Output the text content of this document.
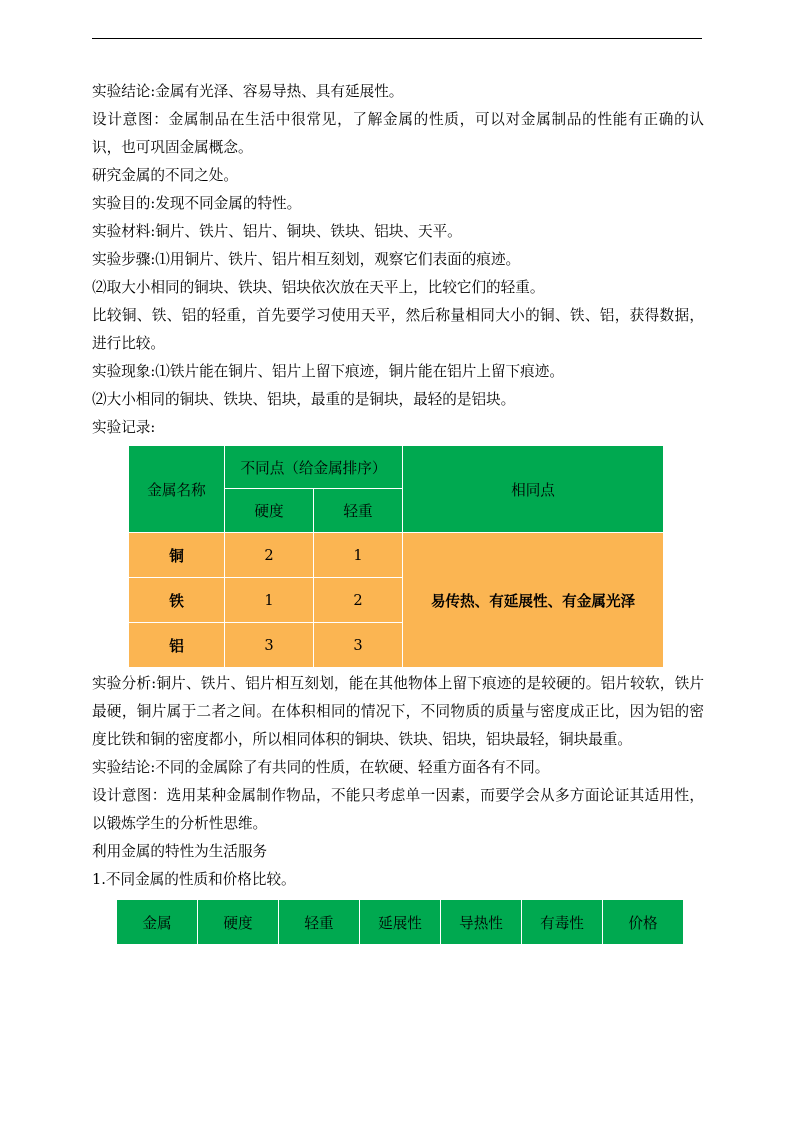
实验结论:金属有光泽、容易导热、具有延展性。

设计意图：金属制品在生活中很常见，了解金属的性质，可以对金属制品的性能有正确的认识，也可巩固金属概念。

研究金属的不同之处。

实验目的:发现不同金属的特性。

实验材料:铜片、铁片、铝片、铜块、铁块、铝块、天平。

实验步骤:⑴用铜片、铁片、铝片相互刻划，观察它们表面的痕迹。

⑵取大小相同的铜块、铁块、铝块依次放在天平上，比较它们的轻重。

比较铜、铁、铝的轻重，首先要学习使用天平，然后称量相同大小的铜、铁、铝，获得数据，进行比较。

实验现象:⑴铁片能在铜片、铝片上留下痕迹，铜片能在铝片上留下痕迹。

⑵大小相同的铜块、铁块、铝块，最重的是铜块，最轻的是铝块。

实验记录:

金属名称	不同点（给金属排序）		相同点
	硬度	轻重	
铜	2	1	易传热、有延展性、有金属光泽
铁	1	2	
铝	3	3	

实验分析:铜片、铁片、铝片相互刻划，能在其他物体上留下痕迹的是较硬的。铝片较软，铁片最硬，铜片属于二者之间。在体积相同的情况下，不同物质的质量与密度成正比，因为铝的密度比铁和铜的密度都小，所以相同体积的铜块、铁块、铝块，铝块最轻，铜块最重。

实验结论:不同的金属除了有共同的性质，在软硬、轻重方面各有不同。

设计意图：选用某种金属制作物品，不能只考虑单一因素，而要学会从多方面论证其适用性，以锻炼学生的分析性思维。

利用金属的特性为生活服务

1.不同金属的性质和价格比较。

金属	硬度	轻重	延展性	导热性	有毒性	价格
